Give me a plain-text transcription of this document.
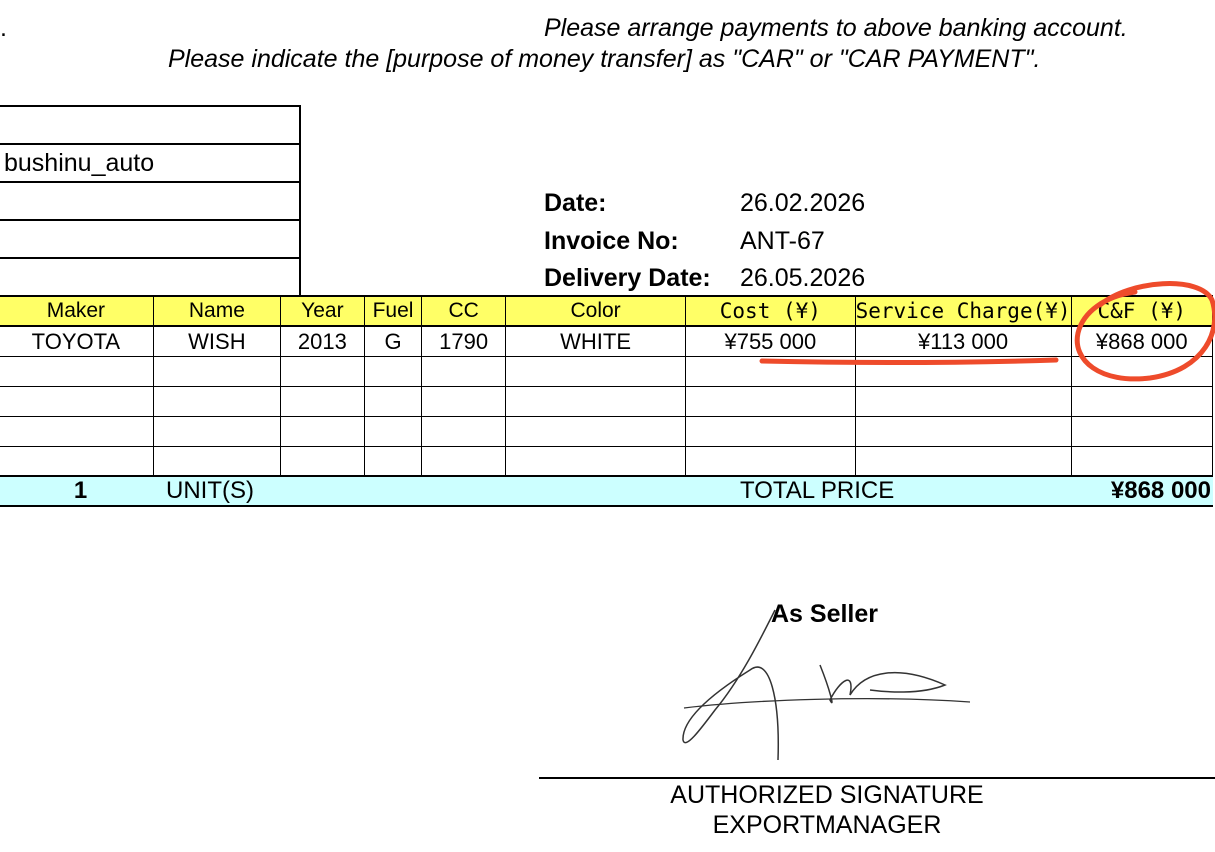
.	Please arrange payments to above banking account.
Please indicate the [purpose of money transfer] as "CAR" or "CAR PAYMENT".

bushinu_auto

Date:	26.02.2026
Invoice No: ANT-67
Delivery Date: 26.05.2026
Maker	Name	Year	Fuel	CC	Color	Cost (¥)	Service Charge(¥)	C&F (¥)
TOYOTA	WISH	2013	G	1790	WHITE	¥755 000	¥113 000	¥868 000

1	UNIT(S)	TOTAL PRICE		¥868 000
As Seller
AUTHORIZED SIGNATURE
EXPORTMANAGER
